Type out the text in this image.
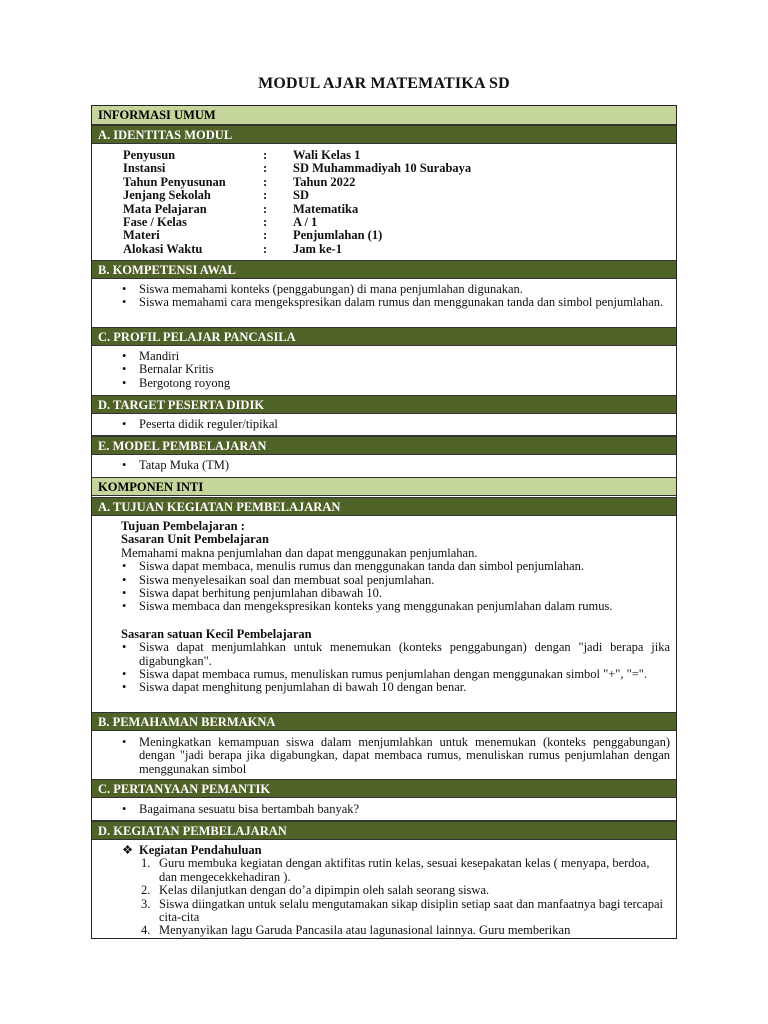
MODUL AJAR MATEMATIKA SD
INFORMASI UMUM
A. IDENTITAS MODUL
Penyusun	:	Wali Kelas 1
Instansi	:	SD Muhammadiyah 10 Surabaya
Tahun Penyusunan	:	Tahun 2022
Jenjang Sekolah	:	SD
Mata Pelajaran	:	Matematika
Fase / Kelas	:	A / 1
Materi	:	Penjumlahan (1)
Alokasi Waktu	:	Jam ke-1
B. KOMPETENSI AWAL
• Siswa memahami konteks (penggabungan) di mana penjumlahan digunakan.
• Siswa memahami cara mengekspresikan dalam rumus dan menggunakan tanda dan simbol penjumlahan.
C. PROFIL PELAJAR PANCASILA
• Mandiri
• Bernalar Kritis
• Bergotong royong
D. TARGET PESERTA DIDIK
• Peserta didik reguler/tipikal
E. MODEL PEMBELAJARAN
• Tatap Muka (TM)
KOMPONEN INTI
A. TUJUAN KEGIATAN PEMBELAJARAN
Tujuan Pembelajaran :
Sasaran Unit Pembelajaran
Memahami makna penjumlahan dan dapat menggunakan penjumlahan.
• Siswa dapat membaca, menulis rumus dan menggunakan tanda dan simbol penjumlahan.
• Siswa menyelesaikan soal dan membuat soal penjumlahan.
• Siswa dapat berhitung penjumlahan dibawah 10.
• Siswa membaca dan mengekspresikan konteks yang menggunakan penjumlahan dalam rumus.
Sasaran satuan Kecil Pembelajaran
• Siswa dapat menjumlahkan untuk menemukan (konteks penggabungan) dengan "jadi berapa jika digabungkan".
• Siswa dapat membaca rumus, menuliskan rumus penjumlahan dengan menggunakan simbol "+", "=".
• Siswa dapat menghitung penjumlahan di bawah 10 dengan benar.
B. PEMAHAMAN BERMAKNA
• Meningkatkan kemampuan siswa dalam menjumlahkan untuk menemukan (konteks penggabungan) dengan "jadi berapa jika digabungkan, dapat membaca rumus, menuliskan rumus penjumlahan dengan menggunakan simbol
C. PERTANYAAN PEMANTIK
• Bagaimana sesuatu bisa bertambah banyak?
D. KEGIATAN PEMBELAJARAN
❖ Kegiatan Pendahuluan
1. Guru membuka kegiatan dengan aktifitas rutin kelas, sesuai kesepakatan kelas ( menyapa, berdoa, dan mengecekkehadiran ).
2. Kelas dilanjutkan dengan do’a dipimpin oleh salah seorang siswa.
3. Siswa diingatkan untuk selalu mengutamakan sikap disiplin setiap saat dan manfaatnya bagi tercapai cita-cita
4. Menyanyikan lagu Garuda Pancasila atau lagunasional lainnya. Guru memberikan
